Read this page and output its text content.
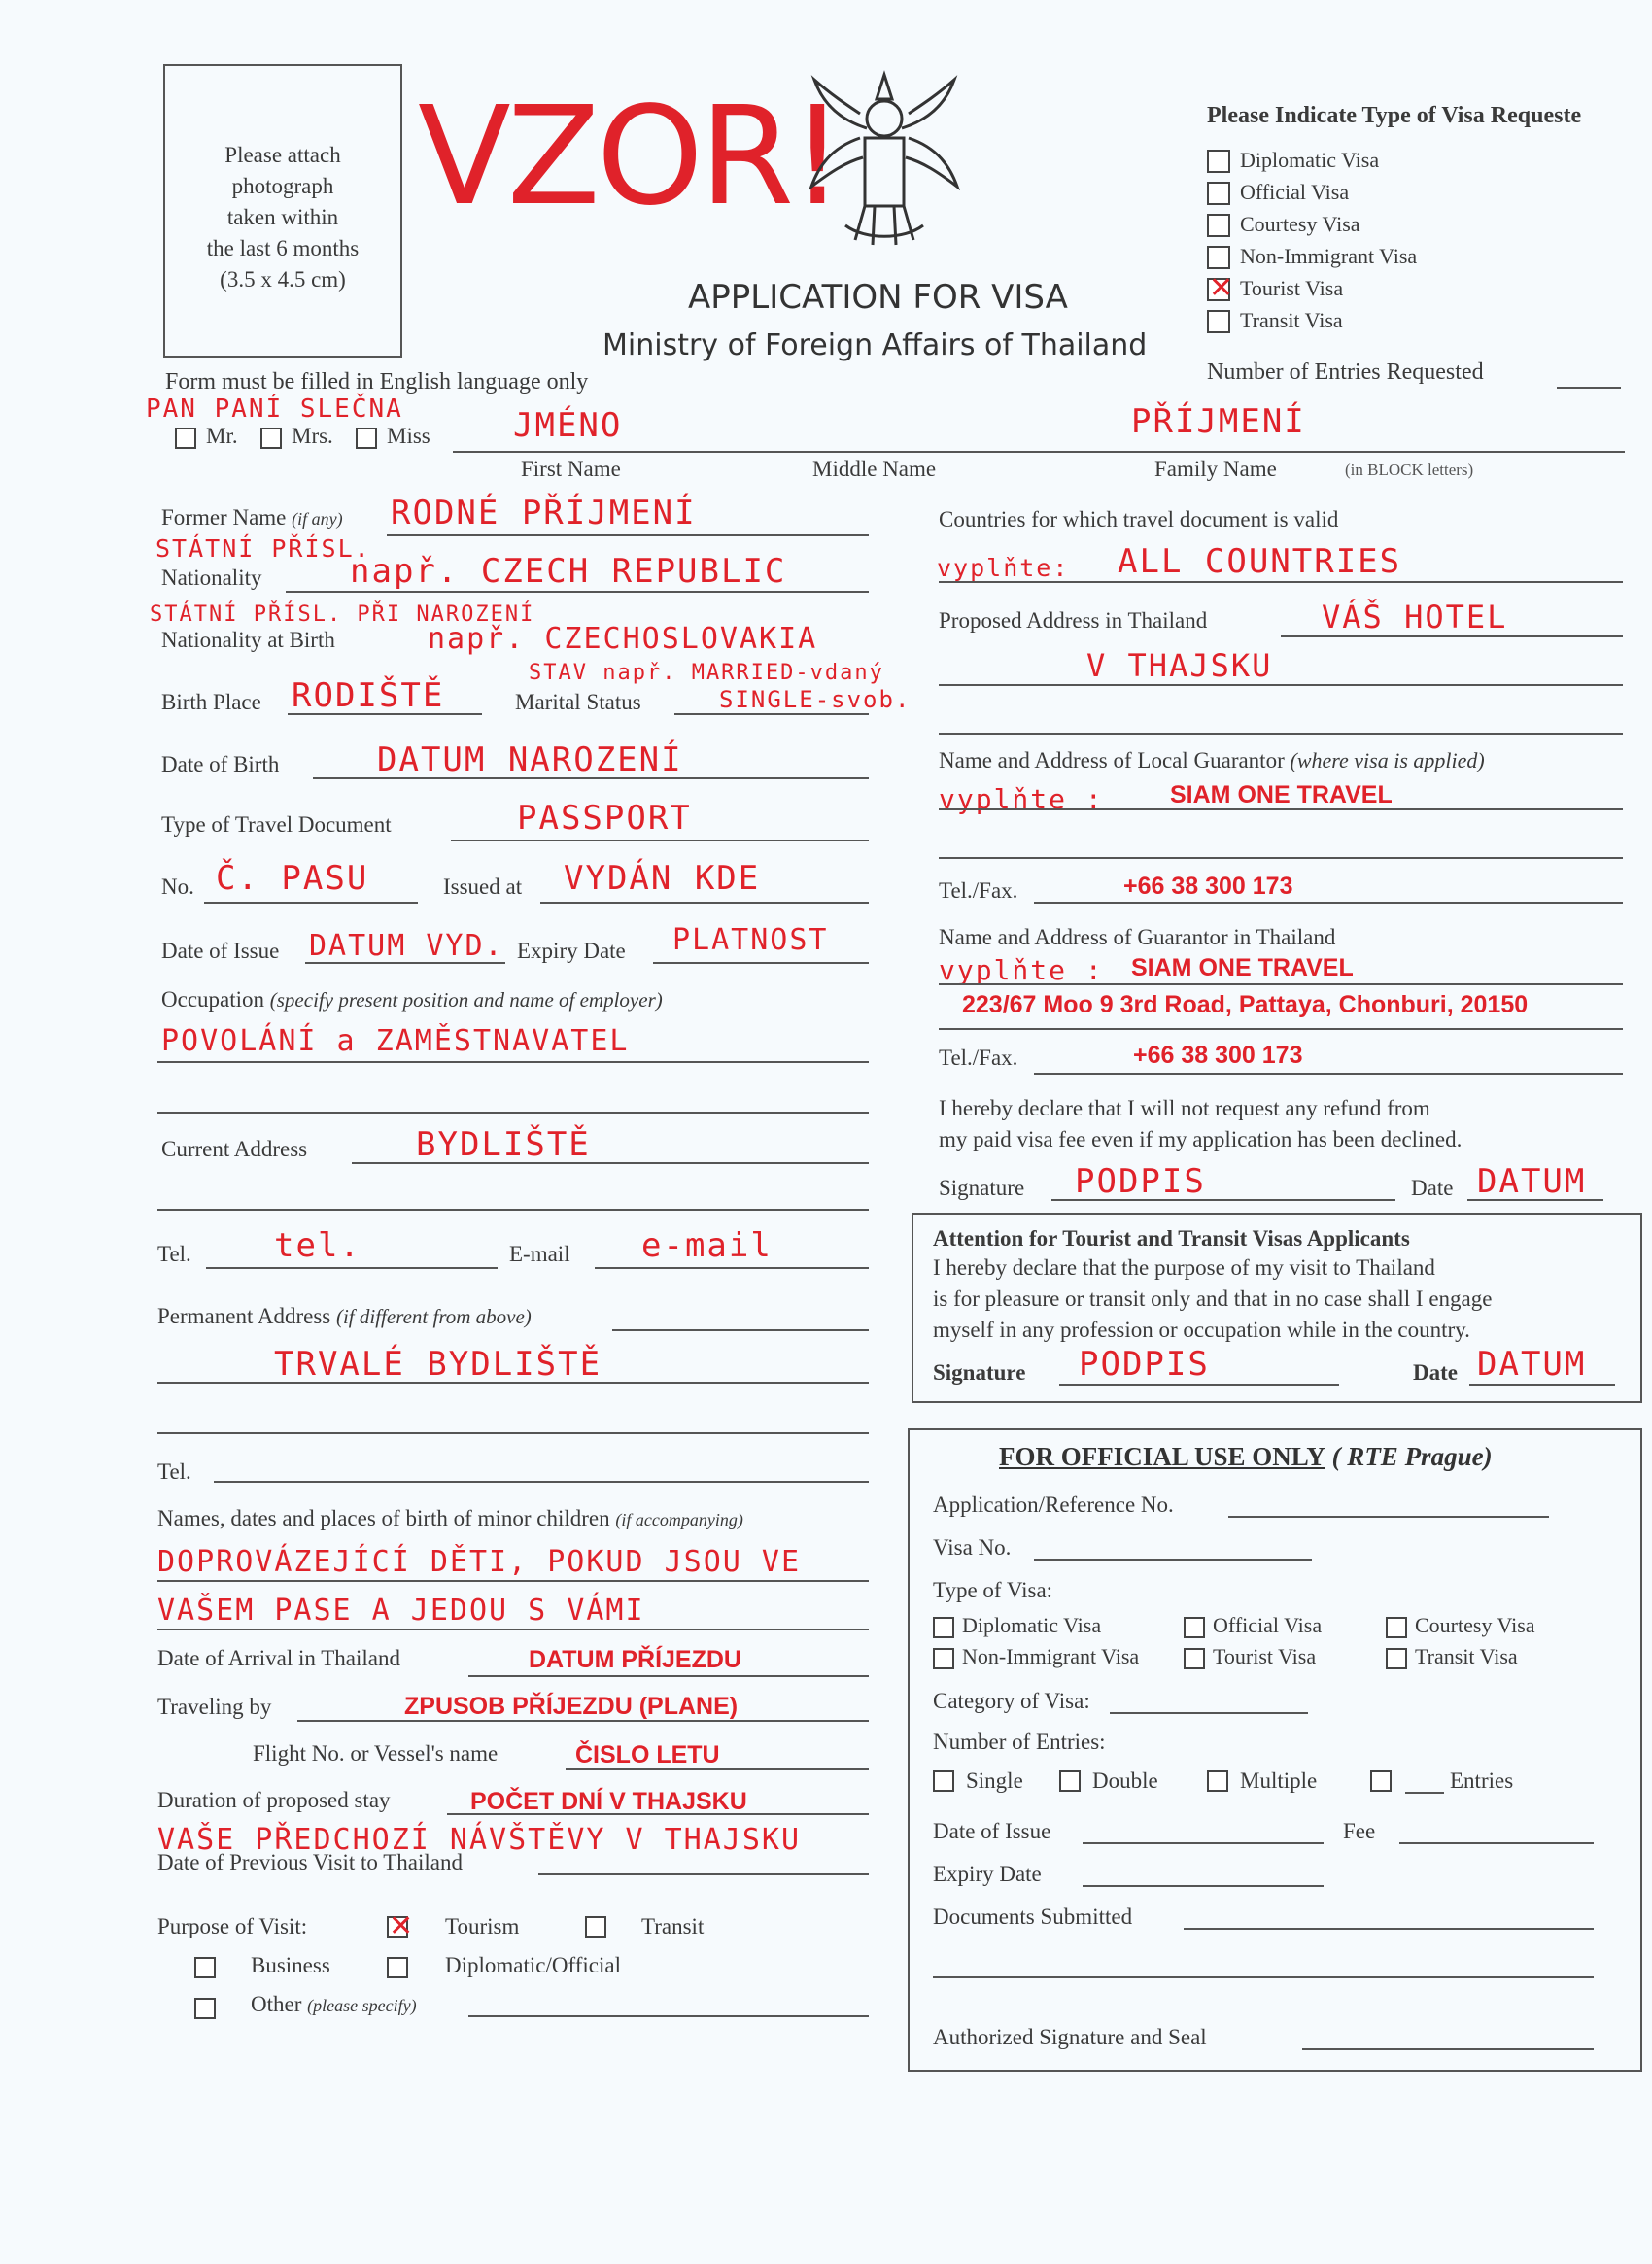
Please attach
photograph
taken within
the last 6 months
(3.5 x 4.5 cm)
VZOR!
APPLICATION FOR VISA
Ministry of Foreign Affairs of Thailand
Please Indicate Type of Visa Requeste
Diplomatic Visa
Official Visa
Courtesy Visa
Non-Immigrant Visa
✕ Tourist Visa
Transit Visa
Number of Entries Requested
Form must be filled in English language only
PAN PANÍ SLEČNA
Mr. Mrs. Miss	JMÉNO	PŘÍJMENÍ
First Name	Middle Name	Family Name	(in BLOCK letters)
Former Name (if any) RODNÉ PŘÍJMENÍ
STÁTNÍ PŘÍSL.
Nationality	např. CZECH REPUBLIC
STÁTNÍ PŘÍSL. PŘI NAROZENÍ
Nationality at Birth	např. CZECHOSLOVAKIA
Birth Place RODIŠTĚ	Marital Status
STAV např. MARRIED-vdaný
SINGLE-svob.
Date of Birth	DATUM NAROZENÍ
Type of Travel Document	PASSPORT
No. Č. PASU	Issued at VYDÁN KDE
Date of Issue DATUM VYD. Expiry Date PLATNOST
Occupation (specify present position and name of employer)
POVOLÁNÍ a ZAMĚSTNAVATEL
Current Address	BYDLIŠTĚ
Tel.	tel.	E-mail e-mail
Permanent Address (if different from above)
TRVALÉ BYDLIŠTĚ
Tel.
Names, dates and places of birth of minor children (if accompanying)
DOPROVÁZEJÍCÍ DĚTI, POKUD JSOU VE
VAŠEM PASE A JEDOU S VÁMI
Date of Arrival in Thailand	DATUM PŘÍJEZDU
Traveling by	ZPUSOB PŘÍJEZDU (PLANE)
Flight No. or Vessel's name	ČISLO LETU
Duration of proposed stay	POČET DNÍ V THAJSKU
VAŠE PŘEDCHOZÍ NÁVŠTĚVY V THAJSKU
Date of Previous Visit to Thailand
Purpose of Visit:	✕ Tourism	Transit
Business	Diplomatic/Official
Other (please specify)
Countries for which travel document is valid
vyplňte: ALL COUNTRIES
Proposed Address in Thailand	VÁŠ HOTEL
V THAJSKU
Name and Address of Local Guarantor (where visa is applied)
vyplňte :	SIAM ONE TRAVEL
Tel./Fax.	+66 38 300 173
Name and Address of Guarantor in Thailand
vyplňte : SIAM ONE TRAVEL
223/67 Moo 9 3rd Road, Pattaya, Chonburi, 20150
Tel./Fax.	+66 38 300 173
I hereby declare that I will not request any refund from
my paid visa fee even if my application has been declined.
Signature PODPIS	Date DATUM
Attention for Tourist and Transit Visas Applicants
I hereby declare that the purpose of my visit to Thailand
is for pleasure or transit only and that in no case shall I engage
myself in any profession or occupation while in the country.
Signature PODPIS	Date DATUM
FOR OFFICIAL USE ONLY ( RTE Prague)
Application/Reference No.
Visa No.
Type of Visa:
Diplomatic Visa	Official Visa	Courtesy Visa
Non-Immigrant Visa	Tourist Visa	Transit Visa
Category of Visa:
Number of Entries:
Single	Double	Multiple	Entries
Date of Issue	Fee
Expiry Date
Documents Submitted
Authorized Signature and Seal
